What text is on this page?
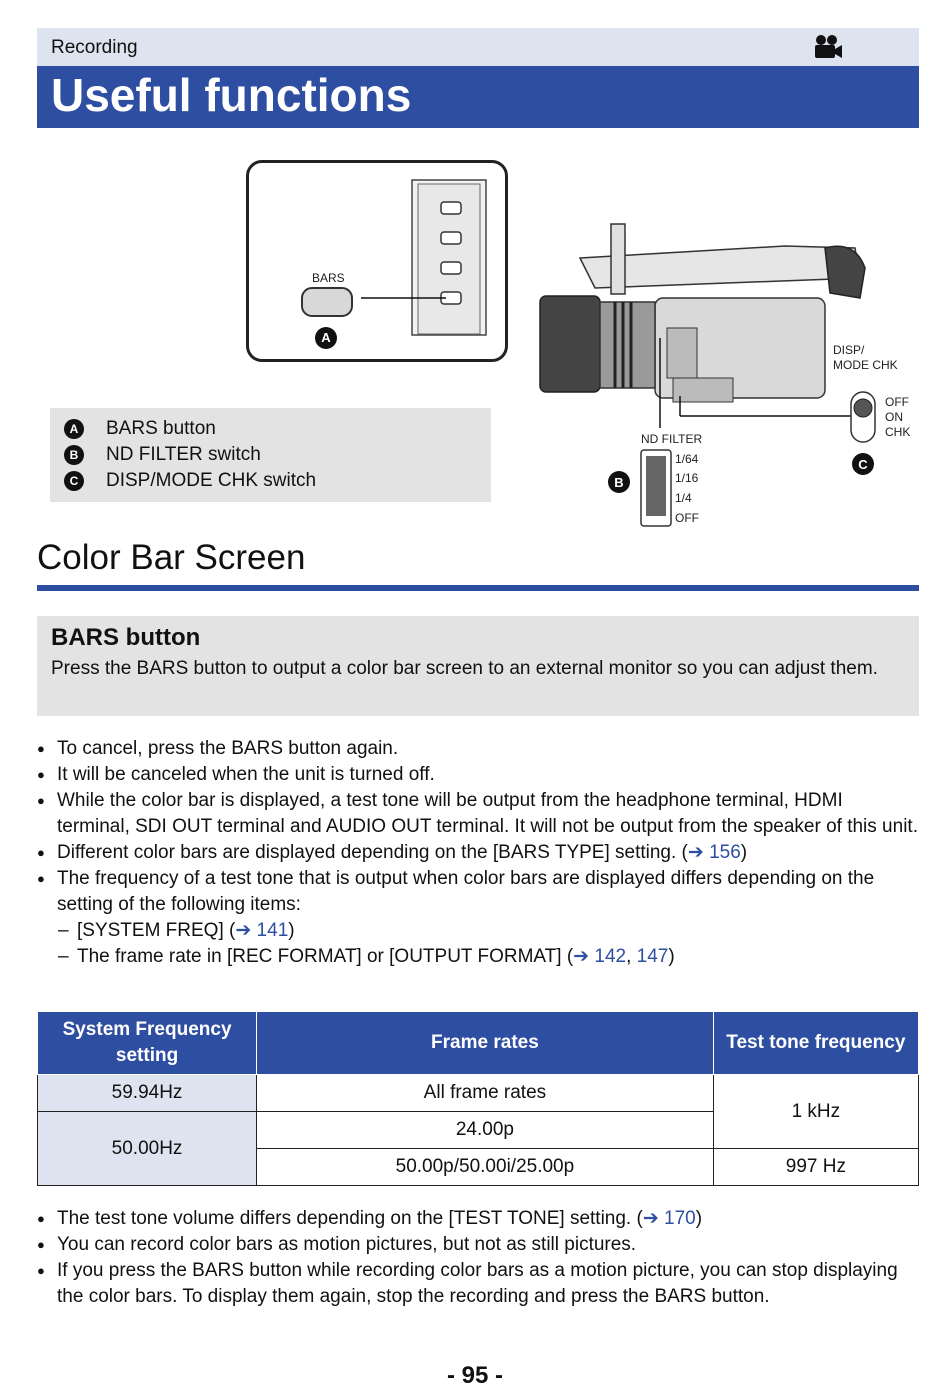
Recording
Useful functions
A
BARS
DISP/
MODE CHK
OFF
ON
CHK
C
ND FILTER
1/64
1/16
1/4
OFF
B
A BARS button
B ND FILTER switch
C DISP/MODE CHK switch
Color Bar Screen
BARS button
Press the BARS button to output a color bar screen to an external monitor so you can adjust them.
● To cancel, press the BARS button again.
● It will be canceled when the unit is turned off.
● While the color bar is displayed, a test tone will be output from the headphone terminal, HDMI terminal, SDI OUT terminal and AUDIO OUT terminal. It will not be output from the speaker of this unit.
● Different color bars are displayed depending on the [BARS TYPE] setting. (➔ 156)
● The frequency of a test tone that is output when color bars are displayed differs depending on the setting of the following items:
– [SYSTEM FREQ] (➔ 141)
– The frame rate in [REC FORMAT] or [OUTPUT FORMAT] (➔ 142, 147)
System Frequency setting	Frame rates	Test tone frequency
59.94Hz	All frame rates	1 kHz
50.00Hz	24.00p	
	50.00p/50.00i/25.00p	997 Hz
● The test tone volume differs depending on the [TEST TONE] setting. (➔ 170)
● You can record color bars as motion pictures, but not as still pictures.
● If you press the BARS button while recording color bars as a motion picture, you can stop displaying the color bars. To display them again, stop the recording and press the BARS button.
- 95 -
